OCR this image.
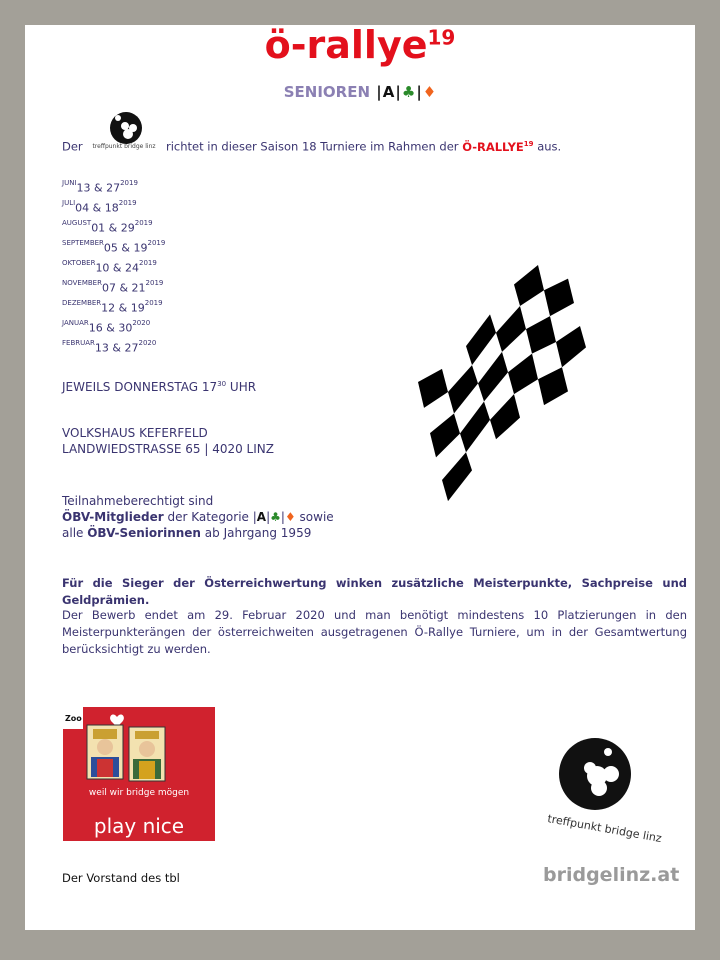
ö-rallye$^{19}$
SENIOREN |A|♣|♦
Der treffpunkt bridge linz richtet in dieser Saison 18 Turniere im Rahmen der Ö-RALLYE$^{19}$ aus.
$^{JUNI}$13 & $27^{2019}$
$^{JULI}$04 & $18^{2019}$
$^{AUGUST}$01 & $29^{2019}$
$^{SEPTEMBER}$05 & $19^{2019}$
$^{OKTOBER}$10 & $24^{2019}$
$^{NOVEMBER}$07 & $21^{2019}$
$^{DEZEMBER}$12 & $19^{2019}$
$^{JANUAR}$16 & $30^{2020}$
$^{FEBRUAR}$13 & $27^{2020}$
JEWEILS DONNERSTAG $17^{30}$ UHR
VOLKSHAUS KEFERFELD
LANDWIEDSTRASSE 65 | 4020 LINZ
Teilnahmeberechtigt sind
ÖBV-Mitglieder der Kategorie |A|♣|♦ sowie
alle ÖBV-Seniorinnen ab Jahrgang 1959
Für die Sieger der Österreichwertung winken zusätzliche Meisterpunkte, Sachpreise und Geldprämien.
Der Bewerb endet am 29. Februar 2020 und man benötigt mindestens 10 Platzierungen in den Meisterpunkterängen der österreichweiten ausgetragenen Ö-Rallye Turniere, um in der Gesamtwertung berücksichtigt zu werden.
Zoo
weil wir bridge mögen
play nice	treffpunkt bridge linz
Der Vorstand des tbl	bridgelinz.at
